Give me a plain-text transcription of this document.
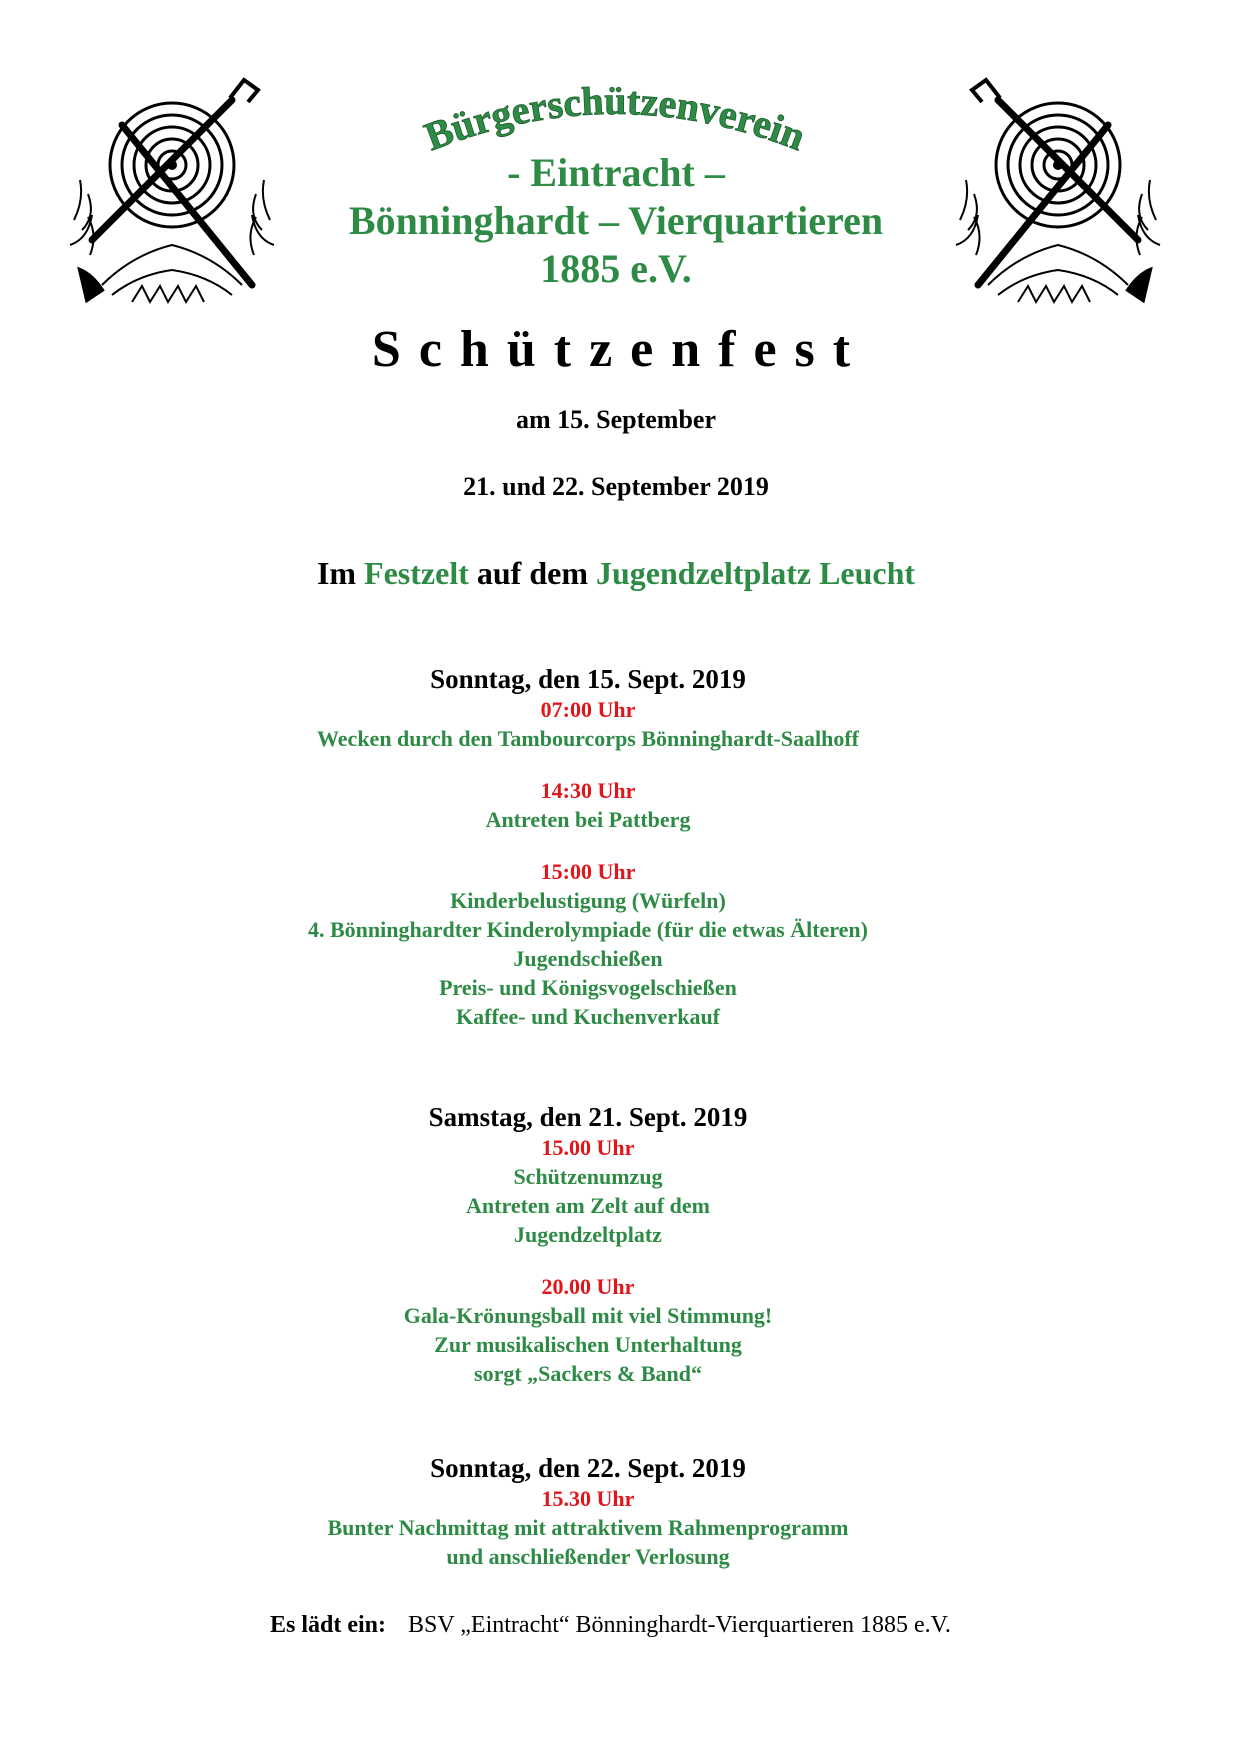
Bürgerschützenverein
- Eintracht –
Bönninghardt – Vierquartieren
1885 e.V.
Schützenfest
am 15. September
21. und 22. September 2019
Im Festzelt auf dem Jugendzeltplatz Leucht
Sonntag, den 15. Sept. 2019
07:00 Uhr
Wecken durch den Tambourcorps Bönninghardt-Saalhoff
14:30 Uhr
Antreten bei Pattberg
15:00 Uhr
Kinderbelustigung (Würfeln)
4. Bönninghardter Kinderolympiade (für die etwas Älteren)
Jugendschießen
Preis- und Königsvogelschießen
Kaffee- und Kuchenverkauf
Samstag, den 21. Sept. 2019
15.00 Uhr
Schützenumzug
Antreten am Zelt auf dem
Jugendzeltplatz
20.00 Uhr
Gala-Krönungsball mit viel Stimmung!
Zur musikalischen Unterhaltung
sorgt „Sackers & Band“
Sonntag, den 22. Sept. 2019
15.30 Uhr
Bunter Nachmittag mit attraktivem Rahmenprogramm
und anschließender Verlosung
Es lädt ein: BSV „Eintracht“ Bönninghardt-Vierquartieren 1885 e.V.
